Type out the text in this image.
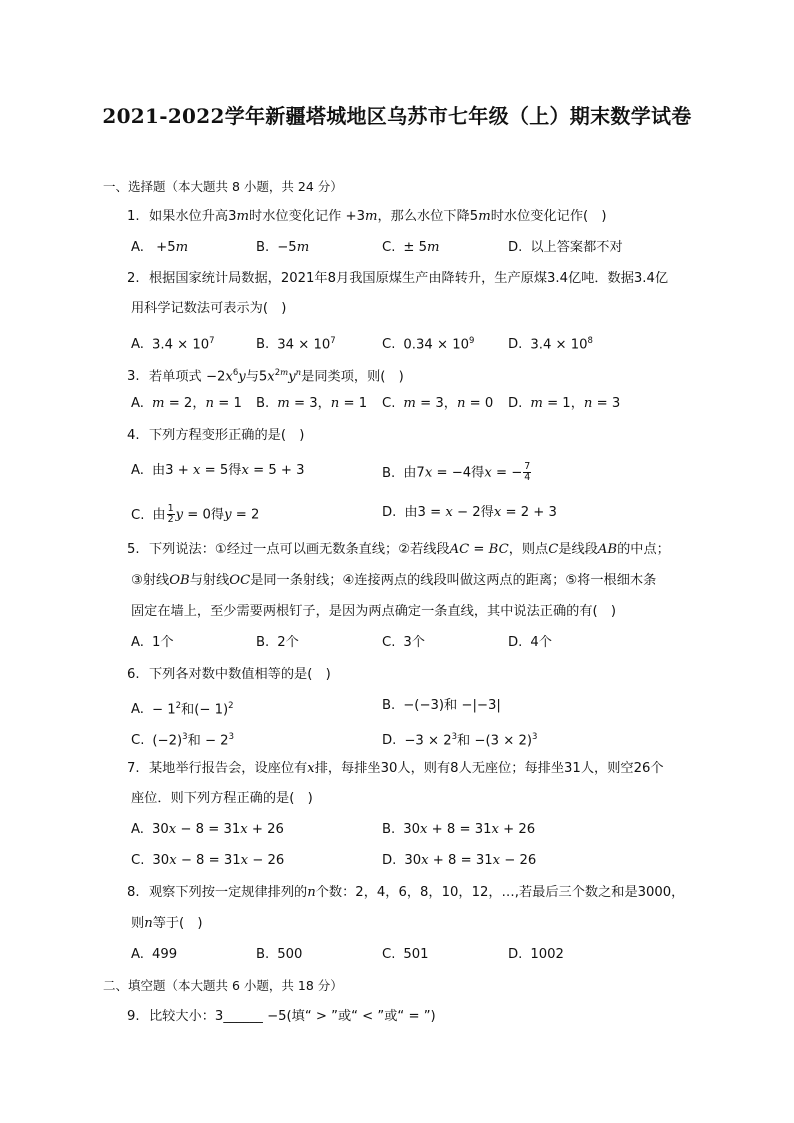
2021-2022学年新疆塔城地区乌苏市七年级（上）期末数学试卷
一、选择题（本大题共 8 小题，共 24 分）
1. 如果水位升高3m时水位变化记作 +3m，那么水位下降5m时水位变化记作(　)
A. +5m	B. −5m	C. ± 5m	D. 以上答案都不对
2. 根据国家统计局数据，2021年8月我国原煤生产由降转升，生产原煤3.4亿吨．数据3.4亿
用科学记数法可表示为(　)
A. $3.4 \times 10^7$	B. $34 \times 10^7$	C. $0.34 \times 10^9$	D. $3.4 \times 10^8$
3. 若单项式 $-2x^6y$与$5x^{2m}y^n$是同类项，则(　)
A. m = 2，n = 1 B. m = 3，n = 1 C. m = 3，n = 0 D. m = 1，n = 3
4. 下列方程变形正确的是(　)
A. 由3 + x = 5得x = 5 + 3	B. 由7x = −4得x = − $\frac{7}{4}$
C. 由 $\frac{1}{2}$ y = 0得y = 2	D. 由3 = x − 2得x = 2 + 3
5. 下列说法：①经过一点可以画无数条直线；②若线段AC = BC，则点C是线段AB的中点；
③射线OB与射线OC是同一条射线；④连接两点的线段叫做这两点的距离；⑤将一根细木条
固定在墙上，至少需要两根钉子，是因为两点确定一条直线，其中说法正确的有(　)
A. 1个	B. 2个	C. 3个	D. 4个
6. 下列各对数中数值相等的是(　)
A. − $1^2$和(− 1)$^2$	B. −(−3)和 −|−3|
C. $(-2)^3$和 − $2^3$	D. $-3 \times 2^3$和 $-(3 \times 2)^3$
7. 某地举行报告会，设座位有x排，每排坐30人，则有8人无座位；每排坐31人，则空26个
座位．则下列方程正确的是(　)
A. 30x − 8 = 31x + 26	B. 30x + 8 = 31x + 26
C. 30x − 8 = 31x − 26	D. 30x + 8 = 31x − 26
8. 观察下列按一定规律排列的n个数：2，4，6，8，10，12，…,若最后三个数之和是3000，
则n等于(　)
A. 499	B. 500	C. 501	D. 1002
二、填空题（本大题共 6 小题，共 18 分）
9. 比较大小：3______ −5(填“ > ”或“ < ”或“ = ”)
